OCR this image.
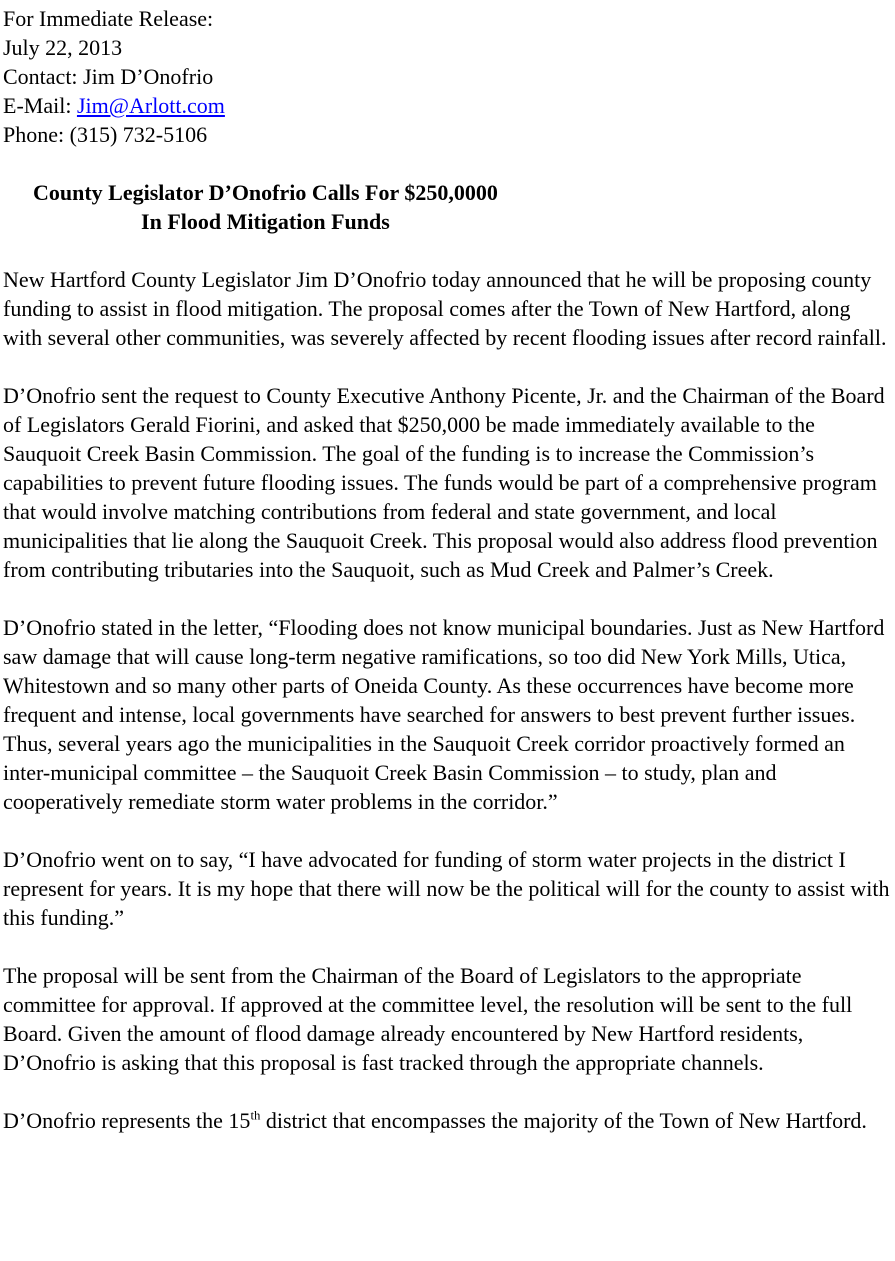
For Immediate Release:
July 22, 2013
Contact: Jim D’Onofrio
E-Mail: Jim@Arlott.com
Phone: (315) 732-5106
County Legislator D’Onofrio Calls For $250,0000
In Flood Mitigation Funds

New Hartford County Legislator Jim D’Onofrio today announced that he will be proposing county funding to assist in flood mitigation. The proposal comes after the Town of New Hartford, along with several other communities, was severely affected by recent flooding issues after record rainfall.

D’Onofrio sent the request to County Executive Anthony Picente, Jr. and the Chairman of the Board of Legislators Gerald Fiorini, and asked that $250,000 be made immediately available to the Sauquoit Creek Basin Commission. The goal of the funding is to increase the Commission’s capabilities to prevent future flooding issues. The funds would be part of a comprehensive program that would involve matching contributions from federal and state government, and local municipalities that lie along the Sauquoit Creek. This proposal would also address flood prevention from contributing tributaries into the Sauquoit, such as Mud Creek and Palmer’s Creek.

D’Onofrio stated in the letter, “Flooding does not know municipal boundaries. Just as New Hartford saw damage that will cause long-term negative ramifications, so too did New York Mills, Utica, Whitestown and so many other parts of Oneida County. As these occurrences have become more frequent and intense, local governments have searched for answers to best prevent further issues. Thus, several years ago the municipalities in the Sauquoit Creek corridor proactively formed an inter-municipal committee – the Sauquoit Creek Basin Commission – to study, plan and cooperatively remediate storm water problems in the corridor.”

D’Onofrio went on to say, “I have advocated for funding of storm water projects in the district I represent for years. It is my hope that there will now be the political will for the county to assist with this funding.”

The proposal will be sent from the Chairman of the Board of Legislators to the appropriate committee for approval. If approved at the committee level, the resolution will be sent to the full Board. Given the amount of flood damage already encountered by New Hartford residents, D’Onofrio is asking that this proposal is fast tracked through the appropriate channels.

D’Onofrio represents the 15th district that encompasses the majority of the Town of New Hartford.
